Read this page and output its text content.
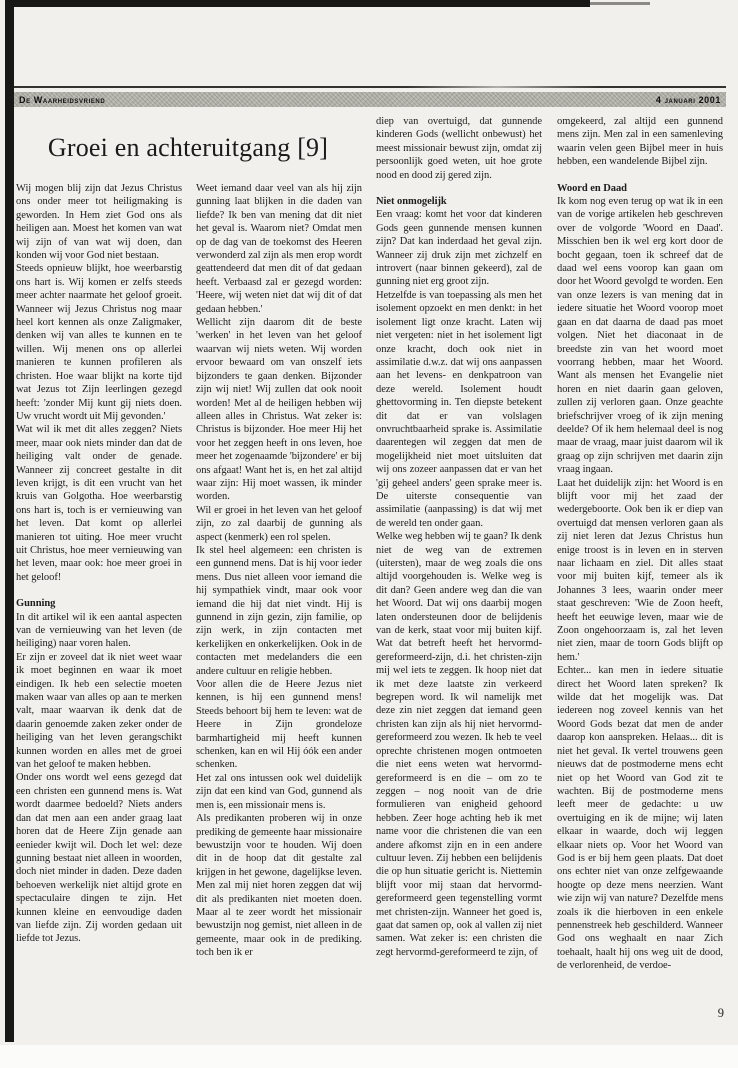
De Waarheidsvriend	4 januari 2001
Groei en achteruitgang [9]

Wij mogen blij zijn dat Jezus Christus ons onder meer tot heiligmaking is geworden. In Hem ziet God ons als heiligen aan. Moest het komen van wat wij zijn of van wat wij doen, dan konden wij voor God niet bestaan.

Steeds opnieuw blijkt, hoe weerbarstig ons hart is. Wij komen er zelfs steeds meer achter naarmate het geloof groeit. Wanneer wij Jezus Christus nog maar heel kort kennen als onze Zaligmaker, denken wij van alles te kunnen en te willen. Wij menen ons op allerlei manieren te kunnen profileren als christen. Hoe waar blijkt na korte tijd wat Jezus tot Zijn leerlingen gezegd heeft: 'zonder Mij kunt gij niets doen. Uw vrucht wordt uit Mij gevonden.'

Wat wil ik met dit alles zeggen? Niets meer, maar ook niets minder dan dat de heiliging valt onder de genade. Wanneer zij concreet gestalte in dit leven krijgt, is dit een vrucht van het kruis van Golgotha. Hoe weerbarstig ons hart is, toch is er vernieuwing van het leven. Dat komt op allerlei manieren tot uiting. Hoe meer vrucht uit Christus, hoe meer vernieuwing van het leven, maar ook: hoe meer groei in het geloof!

Gunning

In dit artikel wil ik een aantal aspecten van de vernieuwing van het leven (de heiliging) naar voren halen.

Er zijn er zoveel dat ik niet weet waar ik moet beginnen en waar ik moet eindigen. Ik heb een selectie moeten maken waar van alles op aan te merken valt, maar waarvan ik denk dat de daarin genoemde zaken zeker onder de heiliging van het leven gerangschikt kunnen worden en alles met de groei van het geloof te maken hebben.

Onder ons wordt wel eens gezegd dat een christen een gunnend mens is. Wat wordt daarmee bedoeld? Niets anders dan dat men aan een ander graag laat horen dat de Heere Zijn genade aan eenieder kwijt wil. Doch let wel: deze gunning bestaat niet alleen in woorden, doch niet minder in daden. Deze daden behoeven werkelijk niet altijd grote en spectaculaire dingen te zijn. Het kunnen kleine en eenvoudige daden van liefde zijn. Zij worden gedaan uit liefde tot Jezus.

Weet iemand daar veel van als hij zijn gunning laat blijken in die daden van liefde? Ik ben van mening dat dit niet het geval is. Waarom niet? Omdat men op de dag van de toekomst des Heeren verwonderd zal zijn als men erop wordt geattendeerd dat men dit of dat gedaan heeft. Verbaasd zal er gezegd worden: 'Heere, wij weten niet dat wij dit of dat gedaan hebben.'

Wellicht zijn daarom dit de beste 'werken' in het leven van het geloof waarvan wij niets weten. Wij worden ervoor bewaard om van onszelf iets bijzonders te gaan denken. Bijzonder zijn wij niet! Wij zullen dat ook nooit worden! Met al de heiligen hebben wij alleen alles in Christus. Wat zeker is: Christus is bijzonder. Hoe meer Hij het voor het zeggen heeft in ons leven, hoe meer het zogenaamde 'bijzondere' er bij ons afgaat! Want het is, en het zal altijd waar zijn: Hij moet wassen, ik minder worden.

Wil er groei in het leven van het geloof zijn, zo zal daarbij de gunning als aspect (kenmerk) een rol spelen.

Ik stel heel algemeen: een christen is een gunnend mens. Dat is hij voor ieder mens. Dus niet alleen voor iemand die hij sympathiek vindt, maar ook voor iemand die hij dat niet vindt. Hij is gunnend in zijn gezin, zijn familie, op zijn werk, in zijn contacten met kerkelijken en onkerkelijken. Ook in de contacten met medelanders die een andere cultuur en religie hebben.

Voor allen die de Heere Jezus niet kennen, is hij een gunnend mens! Steeds behoort bij hem te leven: wat de Heere in Zijn grondeloze barmhartigheid mij heeft kunnen schenken, kan en wil Hij óók een ander schenken.

Het zal ons intussen ook wel duidelijk zijn dat een kind van God, gunnend als men is, een missionair mens is.

Als predikanten proberen wij in onze prediking de gemeente haar missionaire bewustzijn voor te houden. Wij doen dit in de hoop dat dit gestalte zal krijgen in het gewone, dagelijkse leven. Men zal mij niet horen zeggen dat wij dit als predikanten niet moeten doen. Maar al te zeer wordt het missionair bewustzijn nog gemist, niet alleen in de gemeente, maar ook in de prediking. toch ben ik er

diep van overtuigd, dat gunnende kinderen Gods (wellicht onbewust) het meest missionair bewust zijn, omdat zij persoonlijk goed weten, uit hoe grote nood en dood zij gered zijn.

Niet onmogelijk

Een vraag: komt het voor dat kinderen Gods geen gunnende mensen kunnen zijn? Dat kan inderdaad het geval zijn. Wanneer zij druk zijn met zichzelf en introvert (naar binnen gekeerd), zal de gunning niet erg groot zijn.

Hetzelfde is van toepassing als men het isolement opzoekt en men denkt: in het isolement ligt onze kracht. Laten wij niet vergeten: niet in het isolement ligt onze kracht, doch ook niet in assimilatie d.w.z. dat wij ons aanpassen aan het levens- en denkpatroon van deze wereld. Isolement houdt ghettovorming in. Ten diepste betekent dit dat er van volslagen onvruchtbaarheid sprake is. Assimilatie daarentegen wil zeggen dat men de mogelijkheid niet moet uitsluiten dat wij ons zozeer aanpassen dat er van het 'gij geheel anders' geen sprake meer is. De uiterste consequentie van assimilatie (aanpassing) is dat wij met de wereld ten onder gaan.

Welke weg hebben wij te gaan? Ik denk niet de weg van de extremen (uitersten), maar de weg zoals die ons altijd voorgehouden is. Welke weg is dit dan? Geen andere weg dan die van het Woord. Dat wij ons daarbij mogen laten ondersteunen door de belijdenis van de kerk, staat voor mij buiten kijf. Wat dat betreft heeft het hervormd-gereformeerd-zijn, d.i. het christen-zijn mij wel iets te zeggen. Ik hoop niet dat ik met deze laatste zin verkeerd begrepen word. Ik wil namelijk met deze zin niet zeggen dat iemand geen christen kan zijn als hij niet hervormd-gereformeerd zou wezen. Ik heb te veel oprechte christenen mogen ontmoeten die niet eens weten wat hervormd-gereformeerd is en die – om zo te zeggen – nog nooit van de drie formulieren van enigheid gehoord hebben. Zeer hoge achting heb ik met name voor die christenen die van een andere afkomst zijn en in een andere cultuur leven. Zij hebben een belijdenis die op hun situatie gericht is. Niettemin blijft voor mij staan dat hervormd-gereformeerd geen tegenstelling vormt met christen-zijn. Wanneer het goed is, gaat dat samen op, ook al vallen zij niet samen. Wat zeker is: een christen die zegt hervormd-gereformeerd te zijn, of

omgekeerd, zal altijd een gunnend mens zijn. Men zal in een samenleving waarin velen geen Bijbel meer in huis hebben, een wandelende Bijbel zijn.

Woord en Daad

Ik kom nog even terug op wat ik in een van de vorige artikelen heb geschreven over de volgorde 'Woord en Daad'. Misschien ben ik wel erg kort door de bocht gegaan, toen ik schreef dat de daad wel eens voorop kan gaan om door het Woord gevolgd te worden. Een van onze lezers is van mening dat in iedere situatie het Woord voorop moet gaan en dat daarna de daad pas moet volgen. Niet het diaconaat in de breedste zin van het woord moet voorrang hebben, maar het Woord. Want als mensen het Evangelie niet horen en niet daarin gaan geloven, zullen zij verloren gaan. Onze geachte briefschrijver vroeg of ik zijn mening deelde? Of ik hem helemaal deel is nog maar de vraag, maar juist daarom wil ik graag op zijn schrijven met daarin zijn vraag ingaan.

Laat het duidelijk zijn: het Woord is en blijft voor mij het zaad der wedergeboorte. Ook ben ik er diep van overtuigd dat mensen verloren gaan als zij niet leren dat Jezus Christus hun enige troost is in leven en in sterven naar lichaam en ziel. Dit alles staat voor mij buiten kijf, temeer als ik Johannes 3 lees, waarin onder meer staat geschreven: 'Wie de Zoon heeft, heeft het eeuwige leven, maar wie de Zoon ongehoorzaam is, zal het leven niet zien, maar de toorn Gods blijft op hem.'

Echter... kan men in iedere situatie direct het Woord laten spreken? Ik wilde dat het mogelijk was. Dat iedereen nog zoveel kennis van het Woord Gods bezat dat men de ander daarop kon aanspreken. Helaas... dit is niet het geval. Ik vertel trouwens geen nieuws dat de postmoderne mens echt niet op het Woord van God zit te wachten. Bij de postmoderne mens leeft meer de gedachte: u uw overtuiging en ik de mijne; wij laten elkaar in waarde, doch wij leggen elkaar niets op. Voor het Woord van God is er bij hem geen plaats. Dat doet ons echter niet van onze zelfgewaande hoogte op deze mens neerzien. Want wie zijn wij van nature? Dezelfde mens zoals ik die hierboven in een enkele pennenstreek heb geschilderd. Wanneer God ons weghaalt en naar Zich toehaalt, haalt hij ons weg uit de dood, de verlorenheid, de verdoe-

9
